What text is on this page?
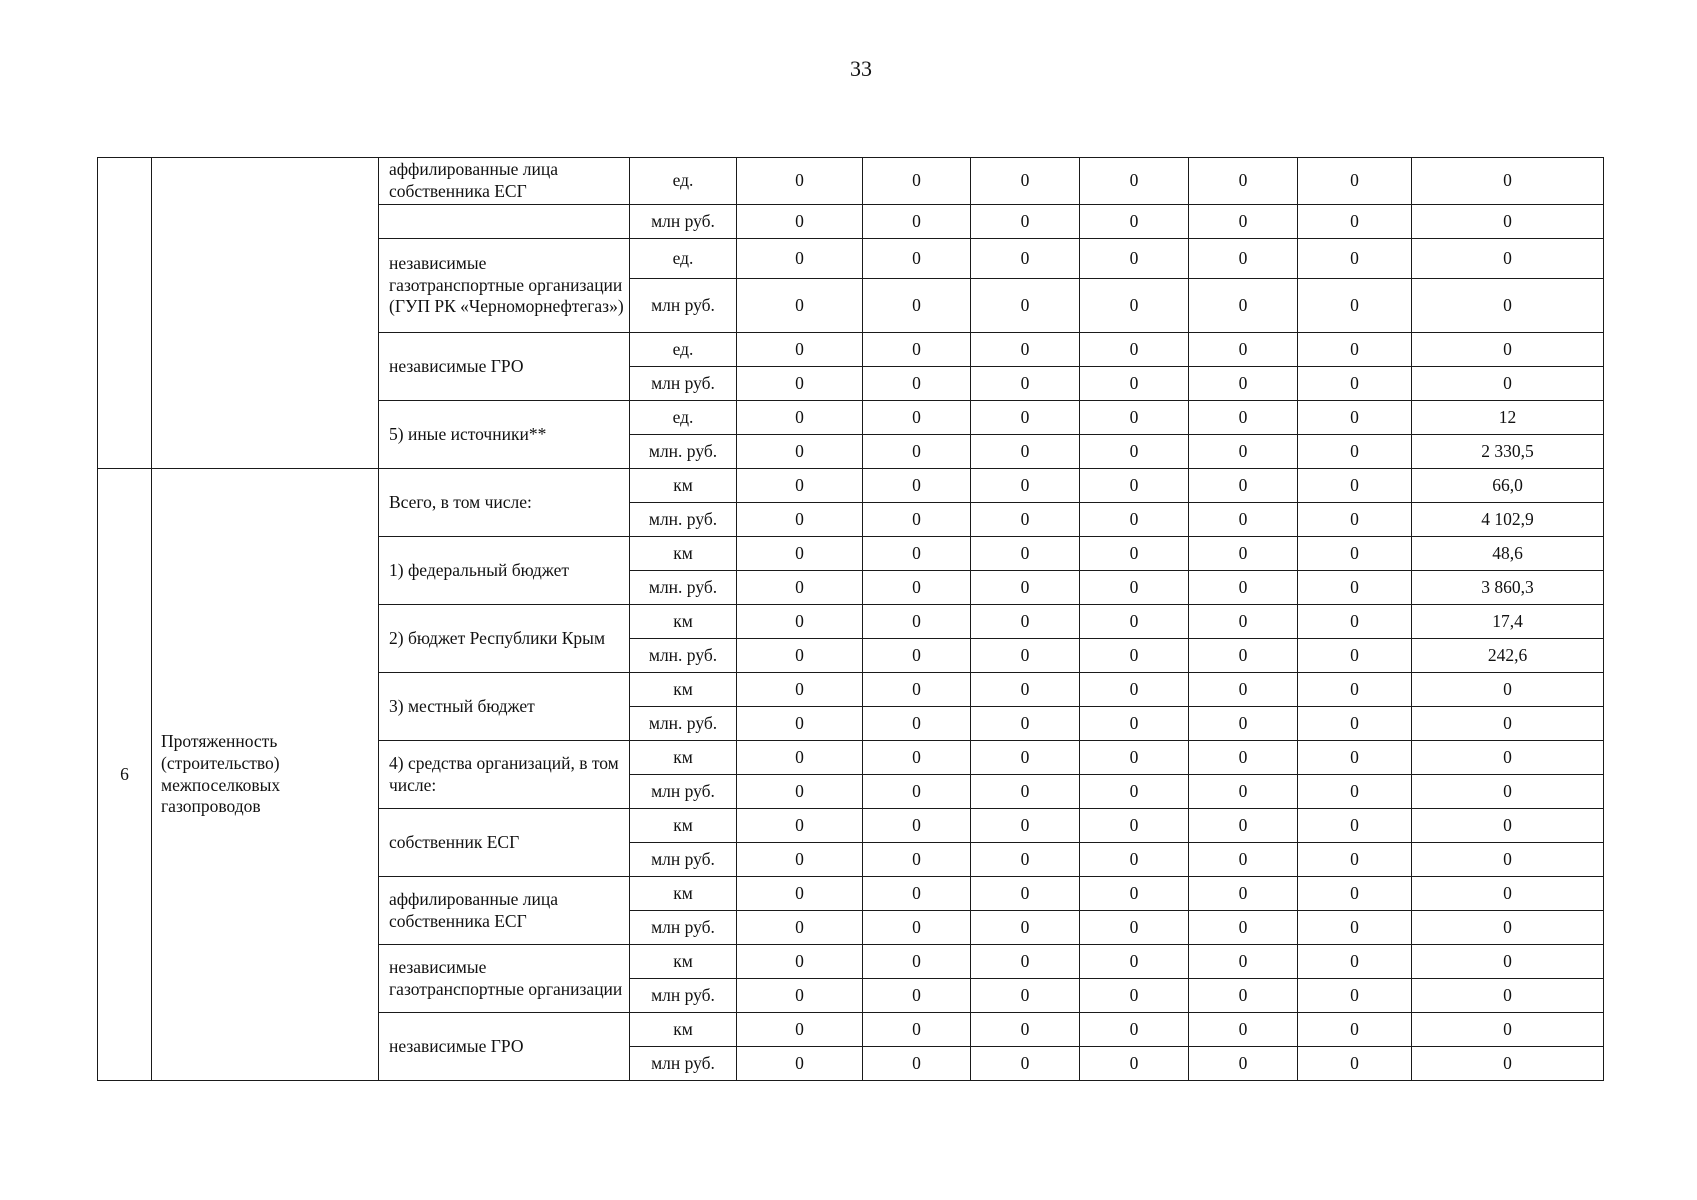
33
		аффилированные лица собственника ЕСГ	ед.	0	0	0	0	0	0	0
			млн руб.	0	0	0	0	0	0	0
		независимые газотранспортные организации (ГУП РК «Черноморнефтегаз»)	ед.	0	0	0	0	0	0	0
			млн руб.	0	0	0	0	0	0	0
		независимые ГРО	ед.	0	0	0	0	0	0	0
			млн руб.	0	0	0	0	0	0	0
		5) иные источники**	ед.	0	0	0	0	0	0	12
			млн. руб.	0	0	0	0	0	0	2 330,5
6	Протяженность (строительство) межпоселковых газопроводов	Всего, в том числе:	км	0	0	0	0	0	0	66,0
			млн. руб.	0	0	0	0	0	0	4 102,9
		1) федеральный бюджет	км	0	0	0	0	0	0	48,6
			млн. руб.	0	0	0	0	0	0	3 860,3
		2) бюджет Республики Крым	км	0	0	0	0	0	0	17,4
			млн. руб.	0	0	0	0	0	0	242,6
		3) местный бюджет	км	0	0	0	0	0	0	0
			млн. руб.	0	0	0	0	0	0	0
		4) средства организаций, в том числе:	км	0	0	0	0	0	0	0
			млн руб.	0	0	0	0	0	0	0
		собственник ЕСГ	км	0	0	0	0	0	0	0
			млн руб.	0	0	0	0	0	0	0
		аффилированные лица собственника ЕСГ	км	0	0	0	0	0	0	0
			млн руб.	0	0	0	0	0	0	0
		независимые газотранспортные организации	км	0	0	0	0	0	0	0
			млн руб.	0	0	0	0	0	0	0
		независимые ГРО	км	0	0	0	0	0	0	0
			млн руб.	0	0	0	0	0	0	0
